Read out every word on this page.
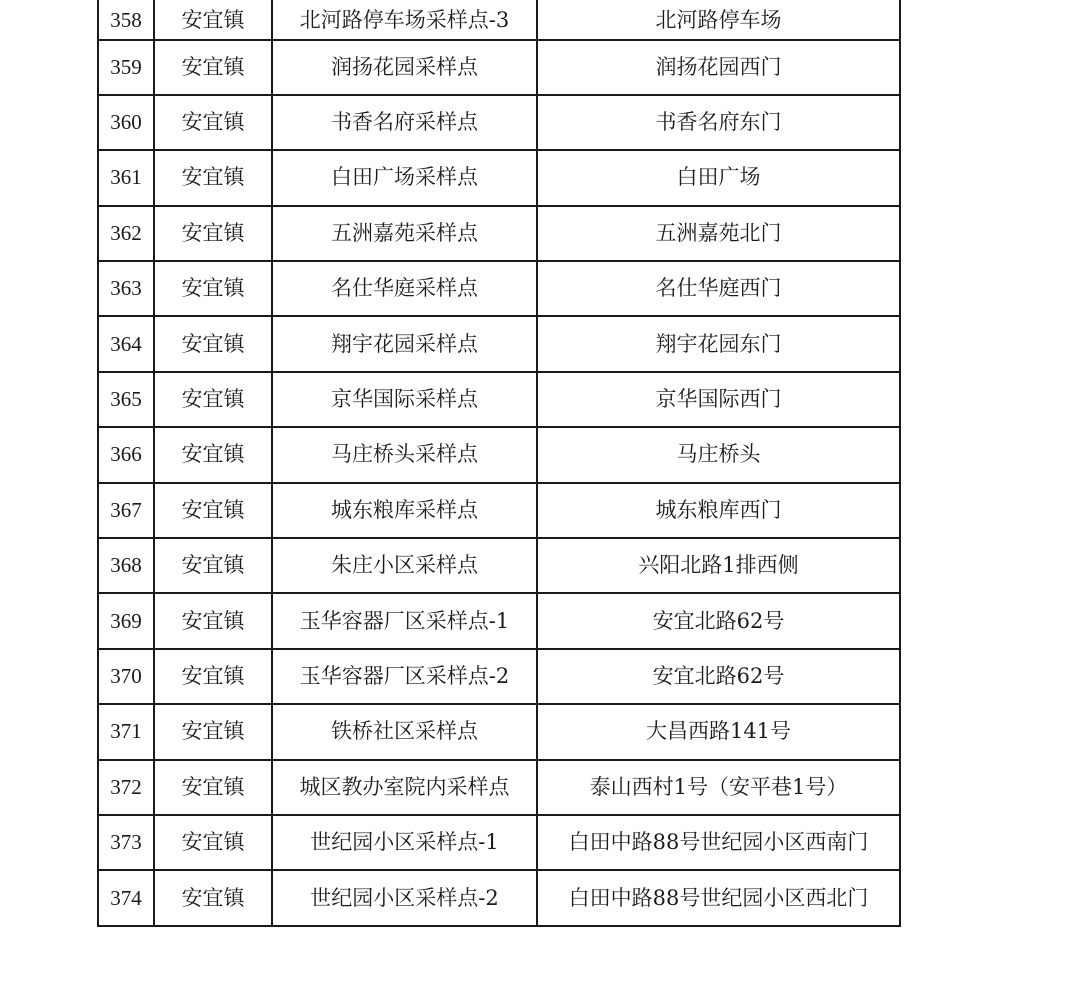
358	安宜镇	北河路停车场采样点-3	北河路停车场
359	安宜镇	润扬花园采样点	润扬花园西门
360	安宜镇	书香名府采样点	书香名府东门
361	安宜镇	白田广场采样点	白田广场
362	安宜镇	五洲嘉苑采样点	五洲嘉苑北门
363	安宜镇	名仕华庭采样点	名仕华庭西门
364	安宜镇	翔宇花园采样点	翔宇花园东门
365	安宜镇	京华国际采样点	京华国际西门
366	安宜镇	马庄桥头采样点	马庄桥头
367	安宜镇	城东粮库采样点	城东粮库西门
368	安宜镇	朱庄小区采样点	兴阳北路1排西侧
369	安宜镇	玉华容器厂区采样点-1	安宜北路62号
370	安宜镇	玉华容器厂区采样点-2	安宜北路62号
371	安宜镇	铁桥社区采样点	大昌西路141号
372	安宜镇	城区教办室院内采样点	泰山西村1号（安平巷1号）
373	安宜镇	世纪园小区采样点-1	白田中路88号世纪园小区西南门
374	安宜镇	世纪园小区采样点-2	白田中路88号世纪园小区西北门
